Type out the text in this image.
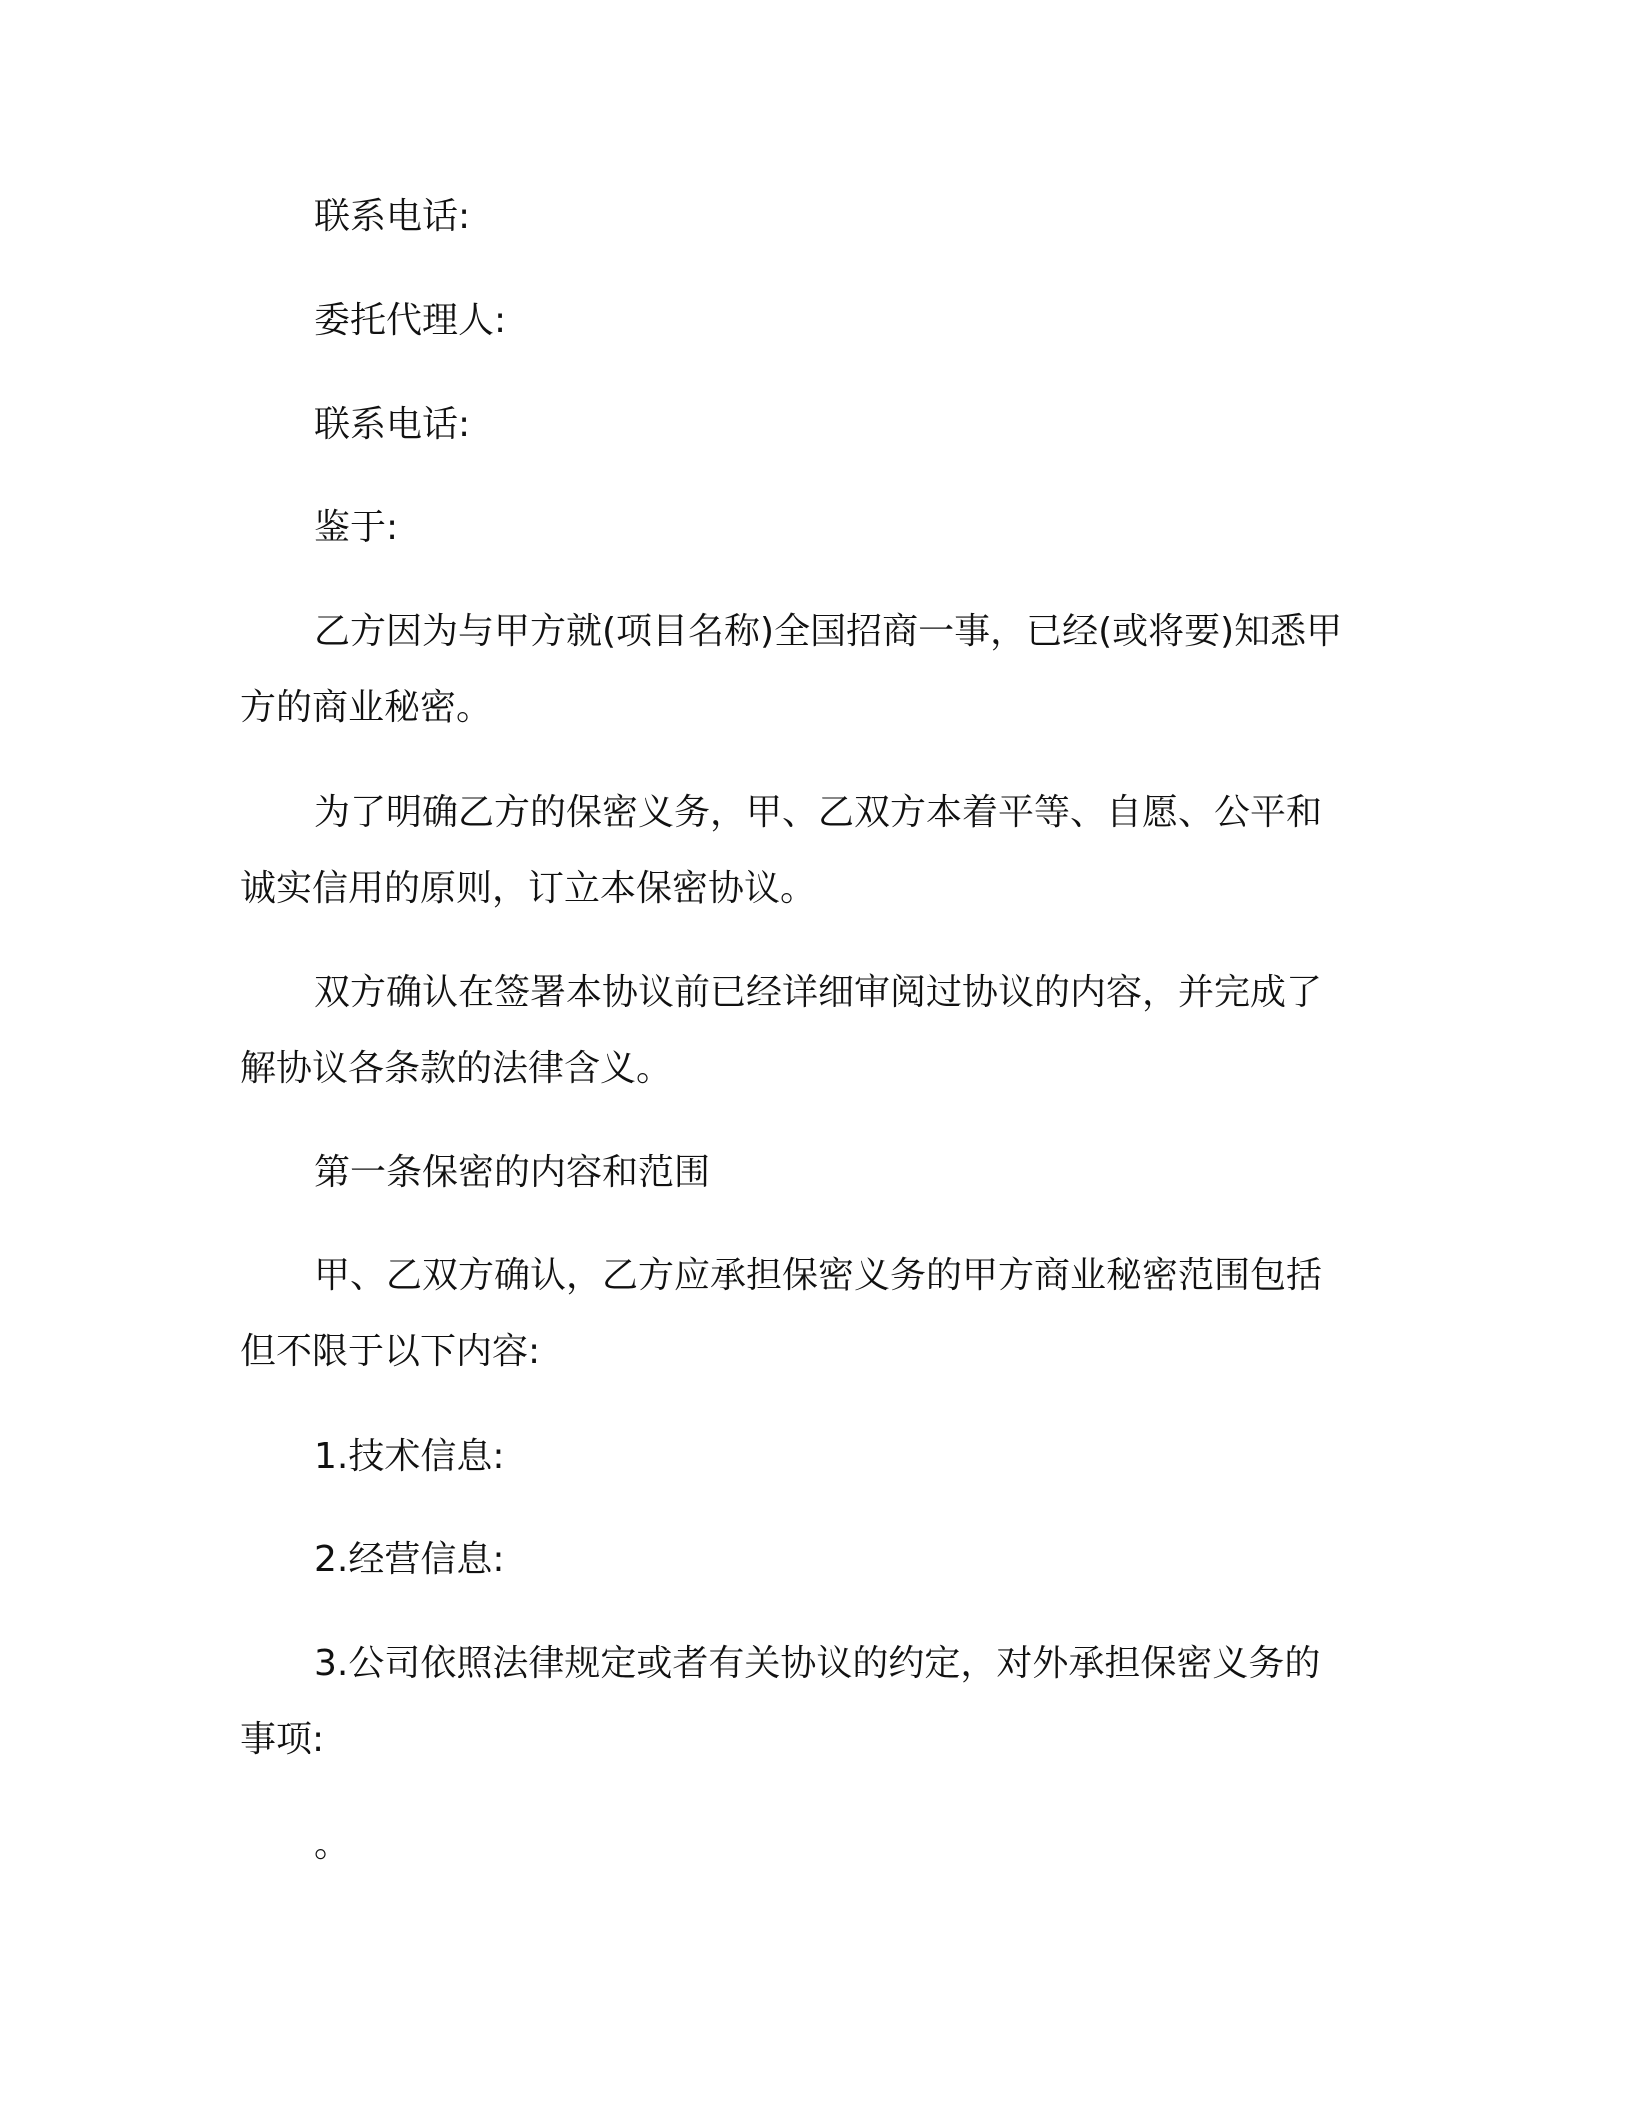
联系电话:
委托代理人:
联系电话:
鉴于:
乙方因为与甲方就(项目名称)全国招商一事，已经(或将要)知悉甲
方的商业秘密。
为了明确乙方的保密义务，甲、乙双方本着平等、自愿、公平和
诚实信用的原则，订立本保密协议。
双方确认在签署本协议前已经详细审阅过协议的内容，并完成了
解协议各条款的法律含义。
第一条保密的内容和范围
甲、乙双方确认，乙方应承担保密义务的甲方商业秘密范围包括
但不限于以下内容:
1.技术信息:
2.经营信息:
3.公司依照法律规定或者有关协议的约定，对外承担保密义务的
事项:
。
